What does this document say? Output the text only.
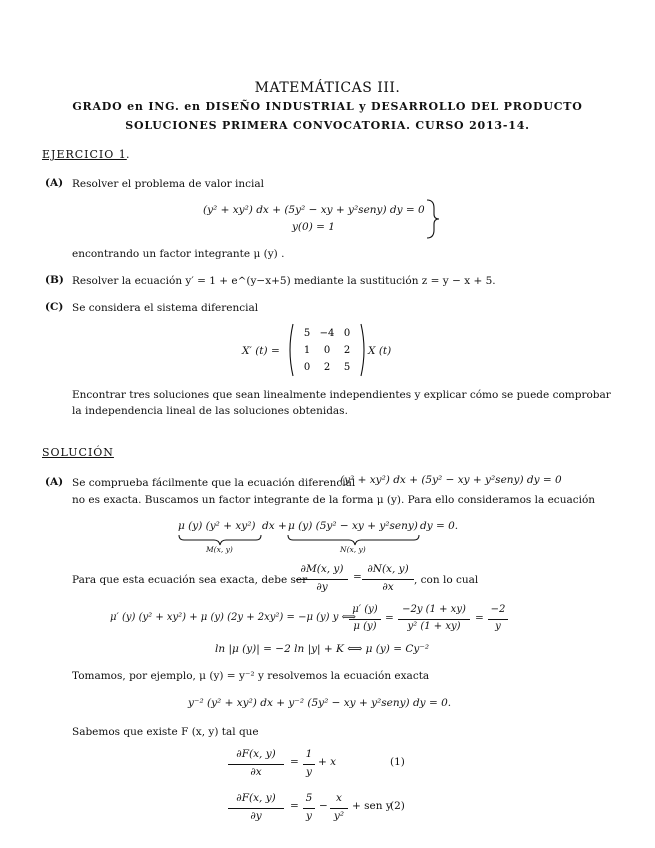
MATEMÁTICAS III.
GRADO en ING. en DISEÑO INDUSTRIAL y DESARROLLO DEL PRODUCTO
SOLUCIONES PRIMERA CONVOCATORIA. CURSO 2013-14.
EJERCICIO 1 .
(A) Resolver el problema de valor incial
(y² + xy²) dx + (5y² − xy + y²seny) dy = 0
y(0) = 1
encontrando un factor integrante μ (y) .
(B) Resolver la ecuación y′ = 1 + e^(y−x+5) mediante la sustitución z = y − x + 5.
(C) Se considera el sistema diferencial
X′ (t) =
5 −4 0
1 0 2
0 2 5
X (t)
Encontrar tres soluciones que sean linealmente independientes y explicar cómo se puede comprobar
la independencia lineal de las soluciones obtenidas.
SOLUCIÓN
(A) Se comprueba fácilmente que la ecuación diferencial
(y² + xy²) dx + (5y² − xy + y²seny) dy = 0
no es exacta. Buscamos un factor integrante de la forma μ (y). Para ello consideramos la ecuación
μ (y) (y² + xy²) dx + μ (y) (5y² − xy + y²seny) dy = 0.
M(x, y)	N(x, y)
Para que esta ecuación sea exacta, debe ser
∂M(x, y)
∂y
=
∂N(x, y)
∂x
, con lo cual
μ′ (y) (y² + xy²) + μ (y) (2y + 2xy²) = −μ (y) y ⟺
μ′ (y)
μ (y)
=
−2y (1 + xy)
y² (1 + xy)
=
−2
y
ln |μ (y)| = −2 ln |y| + K ⟺ μ (y) = Cy⁻²
Tomamos, por ejemplo, μ (y) = y⁻² y resolvemos la ecuación exacta
y⁻² (y² + xy²) dx + y⁻² (5y² − xy + y²seny) dy = 0.
Sabemos que existe F (x, y) tal que
∂F(x, y)
∂x
=
1
y
+ x	(1)
∂F(x, y)
∂y
=
5
y
−
x
y²
+ sen y
(2)
